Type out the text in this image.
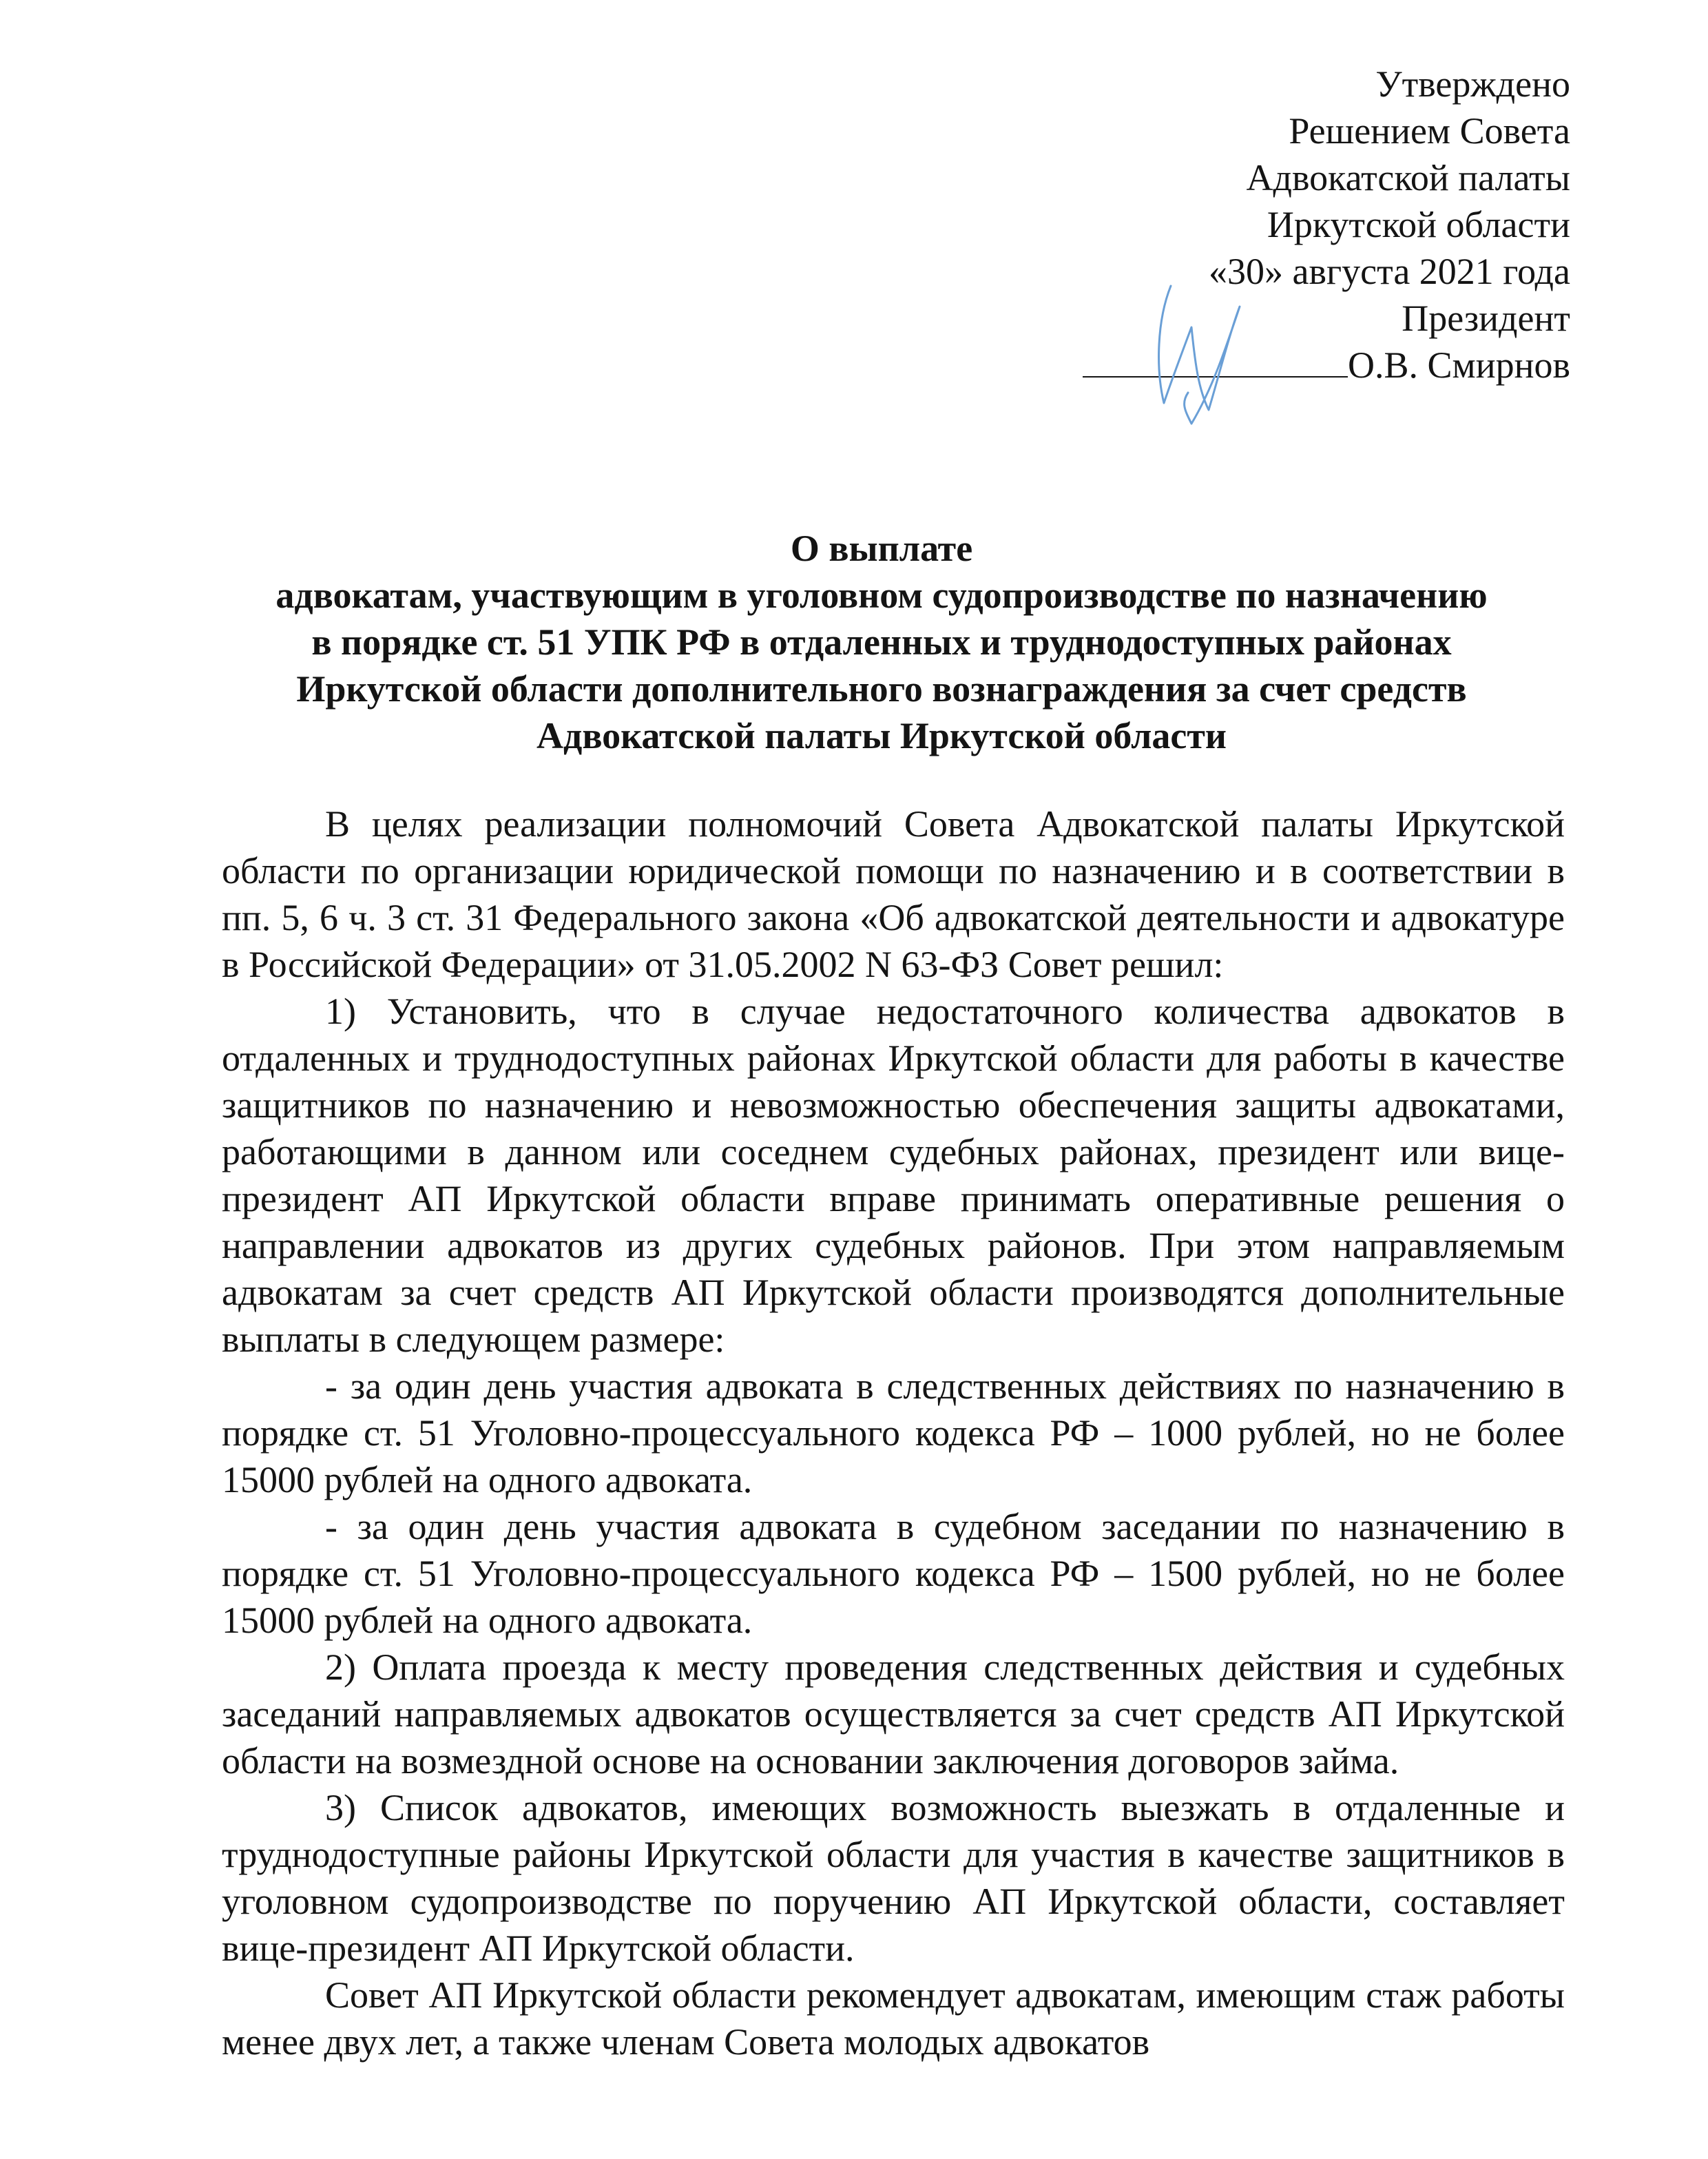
Утверждено
Решением Совета
Адвокатской палаты
Иркутской области
«30» августа 2021 года
Президент
О.В. Смирнов
О выплате
адвокатам, участвующим в уголовном судопроизводстве по назначению
в порядке ст. 51 УПК РФ в отдаленных и труднодоступных районах
Иркутской области дополнительного вознаграждения за счет средств
Адвокатской палаты Иркутской области

В целях реализации полномочий Совета Адвокатской палаты Иркутской области по организации юридической помощи по назначению и в соответствии в пп. 5, 6 ч. 3 ст. 31 Федерального закона «Об адвокатской деятельности и адвокатуре в Российской Федерации» от 31.05.2002 N 63-ФЗ Совет решил:

1) Установить, что в случае недостаточного количества адвокатов в отдаленных и труднодоступных районах Иркутской области для работы в качестве защитников по назначению и невозможностью обеспечения защиты адвокатами, работающими в данном или соседнем судебных районах, президент или вице-президент АП Иркутской области вправе принимать оперативные решения о направлении адвокатов из других судебных районов. При этом направляемым адвокатам за счет средств АП Иркутской области производятся дополнительные выплаты в следующем размере:

- за один день участия адвоката в следственных действиях по назначению в порядке ст. 51 Уголовно-процессуального кодекса РФ – 1000 рублей, но не более 15000 рублей на одного адвоката.

- за один день участия адвоката в судебном заседании по назначению в порядке ст. 51 Уголовно-процессуального кодекса РФ – 1500 рублей, но не более 15000 рублей на одного адвоката.

2) Оплата проезда к месту проведения следственных действия и судебных заседаний направляемых адвокатов осуществляется за счет средств АП Иркутской области на возмездной основе на основании заключения договоров займа.

3) Список адвокатов, имеющих возможность выезжать в отдаленные и труднодоступные районы Иркутской области для участия в качестве защитников в уголовном судопроизводстве по поручению АП Иркутской области, составляет вице-президент АП Иркутской области.

Совет АП Иркутской области рекомендует адвокатам, имеющим стаж работы менее двух лет, а также членам Совета молодых адвокатов
